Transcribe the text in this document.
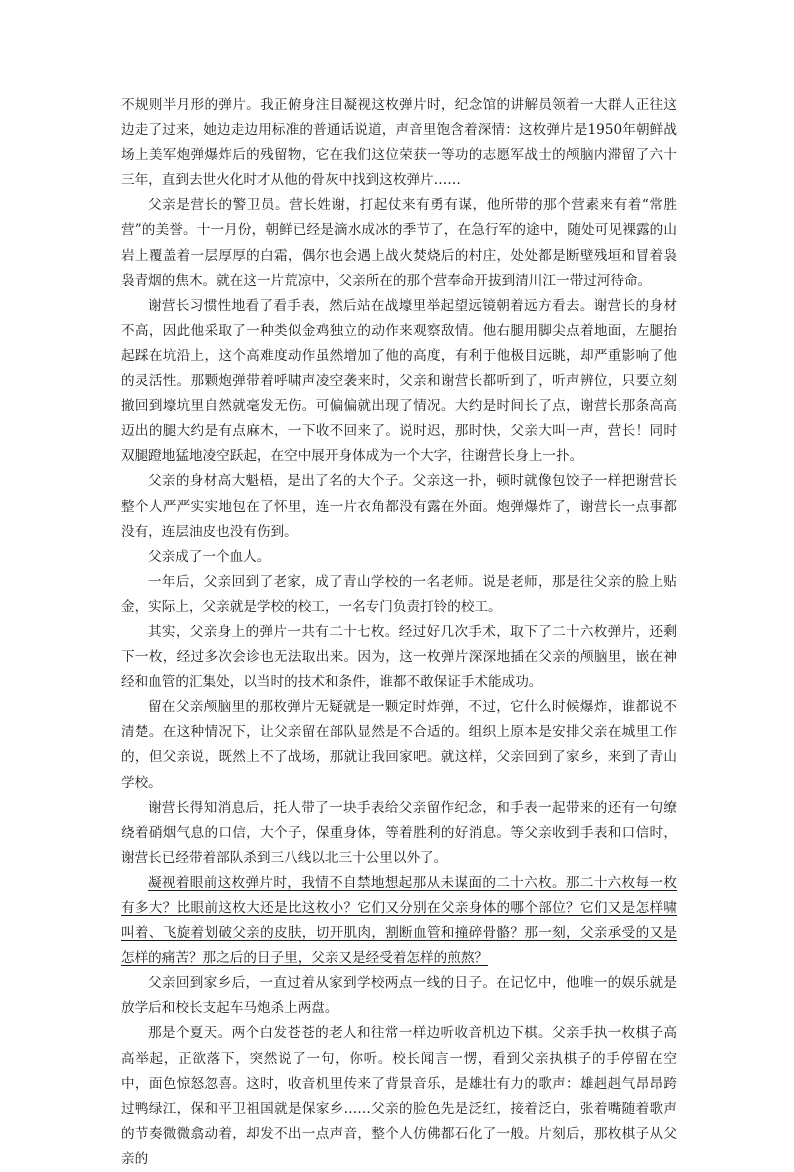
不规则半月形的弹片。我正俯身注目凝视这枚弹片时，纪念馆的讲解员领着一大群人正往这边走了过来，她边走边用标准的普通话说道，声音里饱含着深情：这枚弹片是1950年朝鲜战场上美军炮弹爆炸后的残留物，它在我们这位荣获一等功的志愿军战士的颅脑内滞留了六十三年，直到去世火化时才从他的骨灰中找到这枚弹片……

父亲是营长的警卫员。营长姓谢，打起仗来有勇有谋，他所带的那个营素来有着“常胜营”的美誉。十一月份，朝鲜已经是滴水成冰的季节了，在急行军的途中，随处可见裸露的山岩上覆盖着一层厚厚的白霜，偶尔也会遇上战火焚烧后的村庄，处处都是断壁残垣和冒着袅袅青烟的焦木。就在这一片荒凉中，父亲所在的那个营奉命开拔到清川江一带过河待命。

谢营长习惯性地看了看手表，然后站在战壕里举起望远镜朝着远方看去。谢营长的身材不高，因此他采取了一种类似金鸡独立的动作来观察敌情。他右腿用脚尖点着地面，左腿抬起踩在坑沿上，这个高难度动作虽然增加了他的高度，有利于他极目远眺，却严重影响了他的灵活性。那颗炮弹带着呼啸声凌空袭来时，父亲和谢营长都听到了，听声辨位，只要立刻撤回到壕坑里自然就毫发无伤。可偏偏就出现了情况。大约是时间长了点，谢营长那条高高迈出的腿大约是有点麻木，一下收不回来了。说时迟，那时快，父亲大叫一声，营长！同时双腿蹬地猛地凌空跃起，在空中展开身体成为一个大字，往谢营长身上一扑。

父亲的身材高大魁梧，是出了名的大个子。父亲这一扑，顿时就像包饺子一样把谢营长整个人严严实实地包在了怀里，连一片衣角都没有露在外面。炮弹爆炸了，谢营长一点事都没有，连层油皮也没有伤到。

父亲成了一个血人。

一年后，父亲回到了老家，成了青山学校的一名老师。说是老师，那是往父亲的脸上贴金，实际上，父亲就是学校的校工，一名专门负责打铃的校工。

其实，父亲身上的弹片一共有二十七枚。经过好几次手术，取下了二十六枚弹片，还剩下一枚，经过多次会诊也无法取出来。因为，这一枚弹片深深地插在父亲的颅脑里，嵌在神经和血管的汇集处，以当时的技术和条件，谁都不敢保证手术能成功。

留在父亲颅脑里的那枚弹片无疑就是一颗定时炸弹，不过，它什么时候爆炸，谁都说不清楚。在这种情况下，让父亲留在部队显然是不合适的。组织上原本是安排父亲在城里工作的，但父亲说，既然上不了战场，那就让我回家吧。就这样，父亲回到了家乡，来到了青山学校。

谢营长得知消息后，托人带了一块手表给父亲留作纪念，和手表一起带来的还有一句缭绕着硝烟气息的口信，大个子，保重身体，等着胜利的好消息。等父亲收到手表和口信时，谢营长已经带着部队杀到三八线以北三十公里以外了。

凝视着眼前这枚弹片时，我情不自禁地想起那从未谋面的二十六枚。那二十六枚每一枚有多大？比眼前这枚大还是比这枚小？它们又分别在父亲身体的哪个部位？它们又是怎样啸叫着、飞旋着划破父亲的皮肤，切开肌肉，割断血管和撞碎骨骼？那一刻，父亲承受的又是怎样的痛苦？那之后的日子里，父亲又是经受着怎样的煎熬？

父亲回到家乡后，一直过着从家到学校两点一线的日子。在记忆中，他唯一的娱乐就是放学后和校长支起车马炮杀上两盘。

那是个夏天。两个白发苍苍的老人和往常一样边听收音机边下棋。父亲手执一枚棋子高高举起，正欲落下，突然说了一句，你听。校长闻言一愣，看到父亲执棋子的手停留在空中，面色惊怒忽喜。这时，收音机里传来了背景音乐，是雄壮有力的歌声：雄赳赳气昂昂跨过鸭绿江，保和平卫祖国就是保家乡……父亲的脸色先是泛红，接着泛白，张着嘴随着歌声的节奏微微翕动着，却发不出一点声音，整个人仿佛都石化了一般。片刻后，那枚棋子从父亲的
